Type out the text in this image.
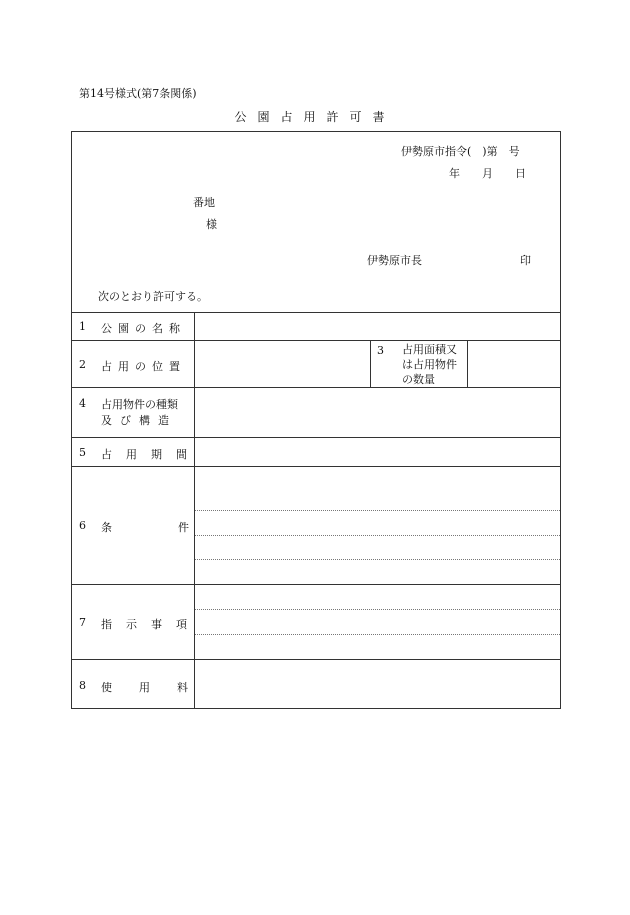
第14号様式(第7条関係)
公園占用許可書
伊勢原市指令(　)第　号
年　　月　　日
番地
様
伊勢原市長	印
次のとおり許可する。
1 公園の名称
2 占用の位置
3 占用面積又
は占用物件
の数量
4 占用物件の種類
及び構造
5 占用期間
6 条件
7 指示事項
8 使用料
